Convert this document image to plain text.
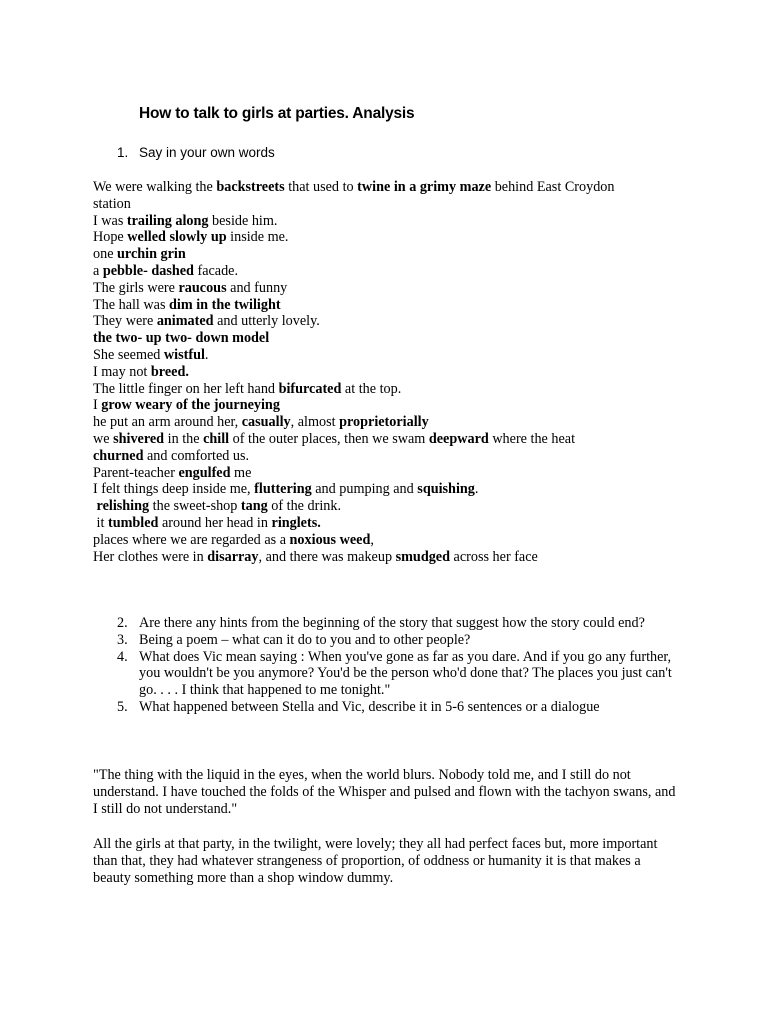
How to talk to girls at parties. Analysis
1. Say in your own words
We were walking the backstreets that used to twine in a grimy maze behind East Croydon
station
I was trailing along beside him.
Hope welled slowly up inside me.
one urchin grin
a pebble- dashed facade.
The girls were raucous and funny
The hall was dim in the twilight
They were animated and utterly lovely.
the two- up two- down model
She seemed wistful.
I may not breed.
The little finger on her left hand bifurcated at the top.
I grow weary of the journeying
he put an arm around her, casually, almost proprietorially
we shivered in the chill of the outer places, then we swam deepward where the heat
churned and comforted us.
Parent-teacher engulfed me
I felt things deep inside me, fluttering and pumping and squishing.
relishing the sweet-shop tang of the drink.
it tumbled around her head in ringlets.
places where we are regarded as a noxious weed,
Her clothes were in disarray, and there was makeup smudged across her face
2. Are there any hints from the beginning of the story that suggest how the story could end?
3. Being a poem – what can it do to you and to other people?
4. What does Vic mean saying : When you've gone as far as you dare. And if you go any further, you wouldn't be you anymore? You'd be the person who'd done that? The places you just can't go. . . . I think that happened to me tonight."
5. What happened between Stella and Vic, describe it in 5-6 sentences or a dialogue
"The thing with the liquid in the eyes, when the world blurs. Nobody told me, and I still do not understand. I have touched the folds of the Whisper and pulsed and flown with the tachyon swans, and I still do not understand."
All the girls at that party, in the twilight, were lovely; they all had perfect faces but, more important than that, they had whatever strangeness of proportion, of oddness or humanity it is that makes a beauty something more than a shop window dummy.
